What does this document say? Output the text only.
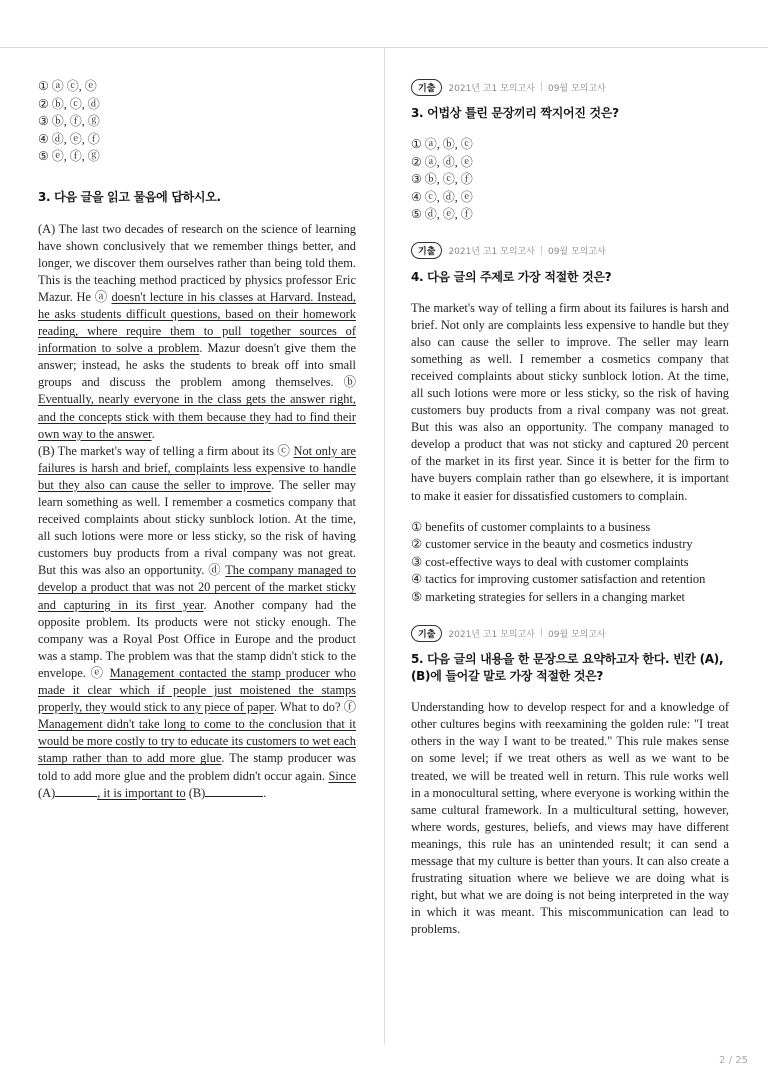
① ⓐ ⓒ, ⓔ
② ⓑ, ⓒ, ⓓ
③ ⓑ, ⓕ, ⓖ
④ ⓓ, ⓔ, ⓕ
⑤ ⓔ, ⓕ, ⓖ
3. 다음 글을 읽고 물음에 답하시오.

(A) The last two decades of research on the science of learning have shown conclusively that we remember things better, and longer, we discover them ourselves rather than being told them. This is the teaching method practiced by physics professor Eric Mazur. He ⓐ doesn't lecture in his classes at Harvard. Instead, he asks students difficult questions, based on their homework reading, where require them to pull together sources of information to solve a problem. Mazur doesn't give them the answer; instead, he asks the students to break off into small groups and discuss the problem among themselves. ⓑ Eventually, nearly everyone in the class gets the answer right, and the concepts stick with them because they had to find their own way to the answer.

(B) The market's way of telling a firm about its ⓒ Not only are failures is harsh and brief, complaints less expensive to handle but they also can cause the seller to improve. The seller may learn something as well. I remember a cosmetics company that received complaints about sticky sunblock lotion. At the time, all such lotions were more or less sticky, so the risk of having customers buy products from a rival company was not great. But this was also an opportunity. ⓓ The company managed to develop a product that was not 20 percent of the market sticky and capturing in its first year. Another company had the opposite problem. Its products were not sticky enough. The company was a Royal Post Office in Europe and the product was a stamp. The problem was that the stamp didn't stick to the envelope. ⓔ Management contacted the stamp producer who made it clear which if people just moistened the stamps properly, they would stick to any piece of paper. What to do? ⓕ Management didn't take long to come to the conclusion that it would be more costly to try to educate its customers to wet each stamp rather than to add more glue. The stamp producer was told to add more glue and the problem didn't occur again. Since (A)	, it is important to (B)	.

기출	2021년 고1 모의고사 | 09월 모의고사
3. 어법상 틀린 문장끼리 짝지어진 것은?
① ⓐ, ⓑ, ⓒ
② ⓐ, ⓓ, ⓔ
③ ⓑ, ⓒ, ⓕ
④ ⓒ, ⓓ, ⓔ
⑤ ⓓ, ⓔ, ⓕ
기출	2021년 고1 모의고사 | 09월 모의고사
4. 다음 글의 주제로 가장 적절한 것은?
The market's way of telling a firm about its failures is harsh and brief. Not only are complaints less expensive to handle but they also can cause the seller to improve. The seller may learn something as well. I remember a cosmetics company that received complaints about sticky sunblock lotion. At the time, all such lotions were more or less sticky, so the risk of having customers buy products from a rival company was not great. But this was also an opportunity. The company managed to develop a product that was not sticky and captured 20 percent of the market in its first year. Since it is better for the firm to have buyers complain rather than go elsewhere, it is important to make it easier for dissatisfied customers to complain.
① benefits of customer complaints to a business
② customer service in the beauty and cosmetics industry
③ cost-effective ways to deal with customer complaints
④ tactics for improving customer satisfaction and retention
⑤ marketing strategies for sellers in a changing market
기출	2021년 고1 모의고사 | 09월 모의고사
5. 다음 글의 내용을 한 문장으로 요약하고자 한다. 빈칸 (A), (B)에 들어갈 말로 가장 적절한 것은?
Understanding how to develop respect for and a knowledge of other cultures begins with reexamining the golden rule: "I treat others in the way I want to be treated." This rule makes sense on some level; if we treat others as well as we want to be treated, we will be treated well in return. This rule works well in a monocultural setting, where everyone is working within the same cultural framework. In a multicultural setting, however, where words, gestures, beliefs, and views may have different meanings, this rule has an unintended result; it can send a message that my culture is better than yours. It can also create a frustrating situation where we believe we are doing what is right, but what we are doing is not being interpreted in the way in which it was meant. This miscommunication can lead to problems.
2 / 25
